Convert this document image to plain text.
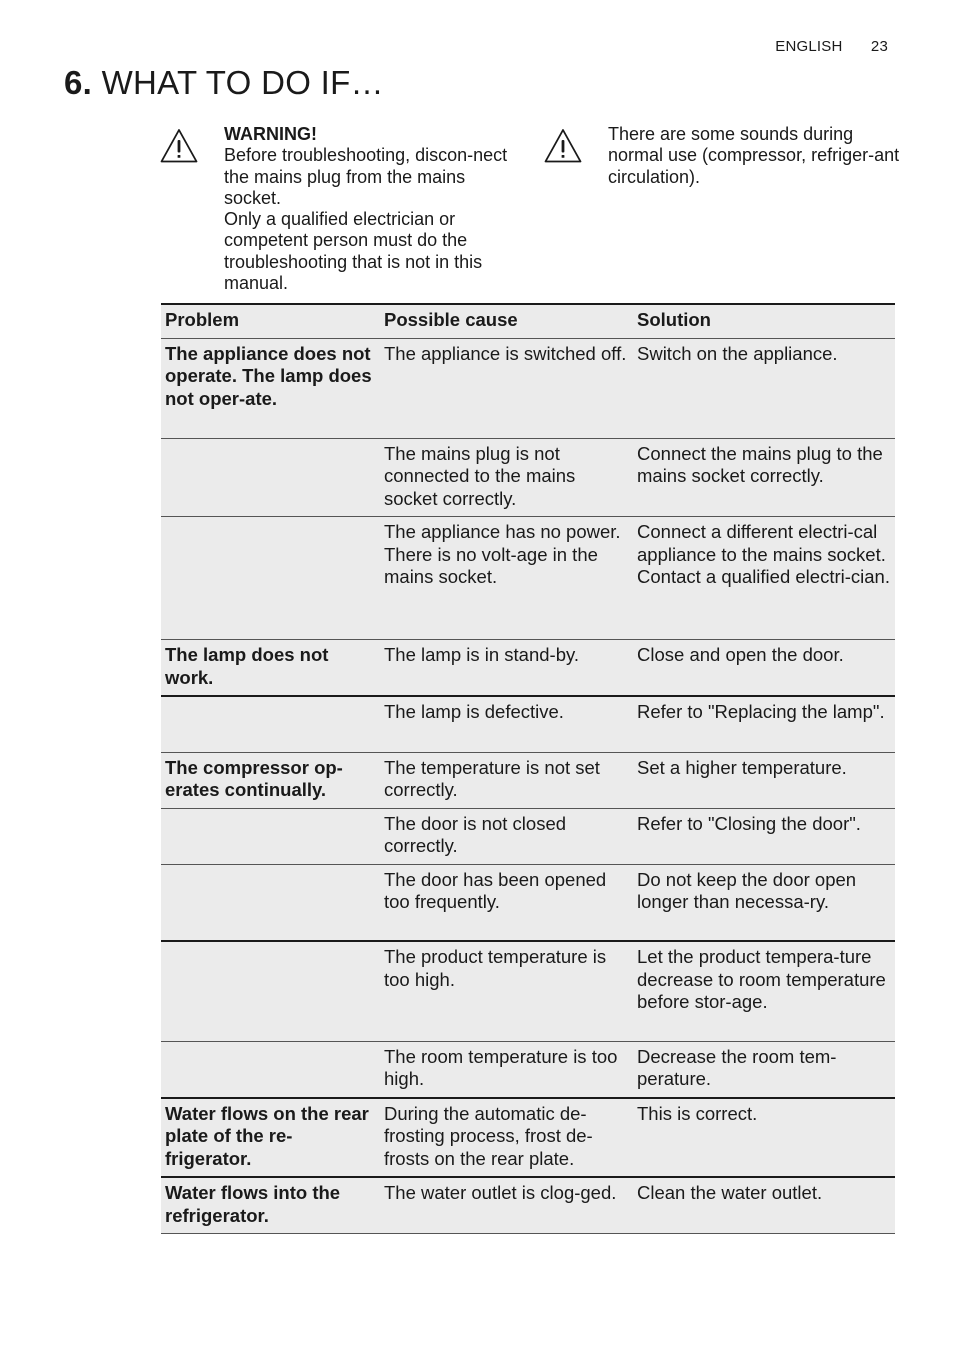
ENGLISH 23
6. WHAT TO DO IF…
WARNING!

Before troubleshooting, discon-nect the mains plug from the mains socket.

Only a qualified electrician or competent person must do the troubleshooting that is not in this manual.

There are some sounds during normal use (compressor, refriger-ant circulation).
Problem	Possible cause	Solution
The appliance does not operate. The lamp does not oper-ate.	The appliance is switched off.	Switch on the appliance.

	The mains plug is not connected to the mains socket correctly.	Connect the mains plug to the mains socket correctly.

	The appliance has no power. There is no volt-age in the mains socket.	Connect a different electri-cal appliance to the mains socket.
Contact a qualified electri-cian.

The lamp does not work.	The lamp is in stand-by.	Close and open the door.

	The lamp is defective.	Refer to "Replacing the lamp".

The compressor op-erates continually.	The temperature is not set correctly.	Set a higher temperature.

	The door is not closed correctly.	Refer to "Closing the door".

	The door has been opened too frequently.	Do not keep the door open longer than necessa-ry.

	The product temperature is too high.	Let the product tempera-ture decrease to room temperature before stor-age.

	The room temperature is too high.	Decrease the room tem-perature.

Water flows on the rear plate of the re-frigerator.	During the automatic de-frosting process, frost de-frosts on the rear plate.	This is correct.

Water flows into the refrigerator.	The water outlet is clog-ged.	Clean the water outlet.
